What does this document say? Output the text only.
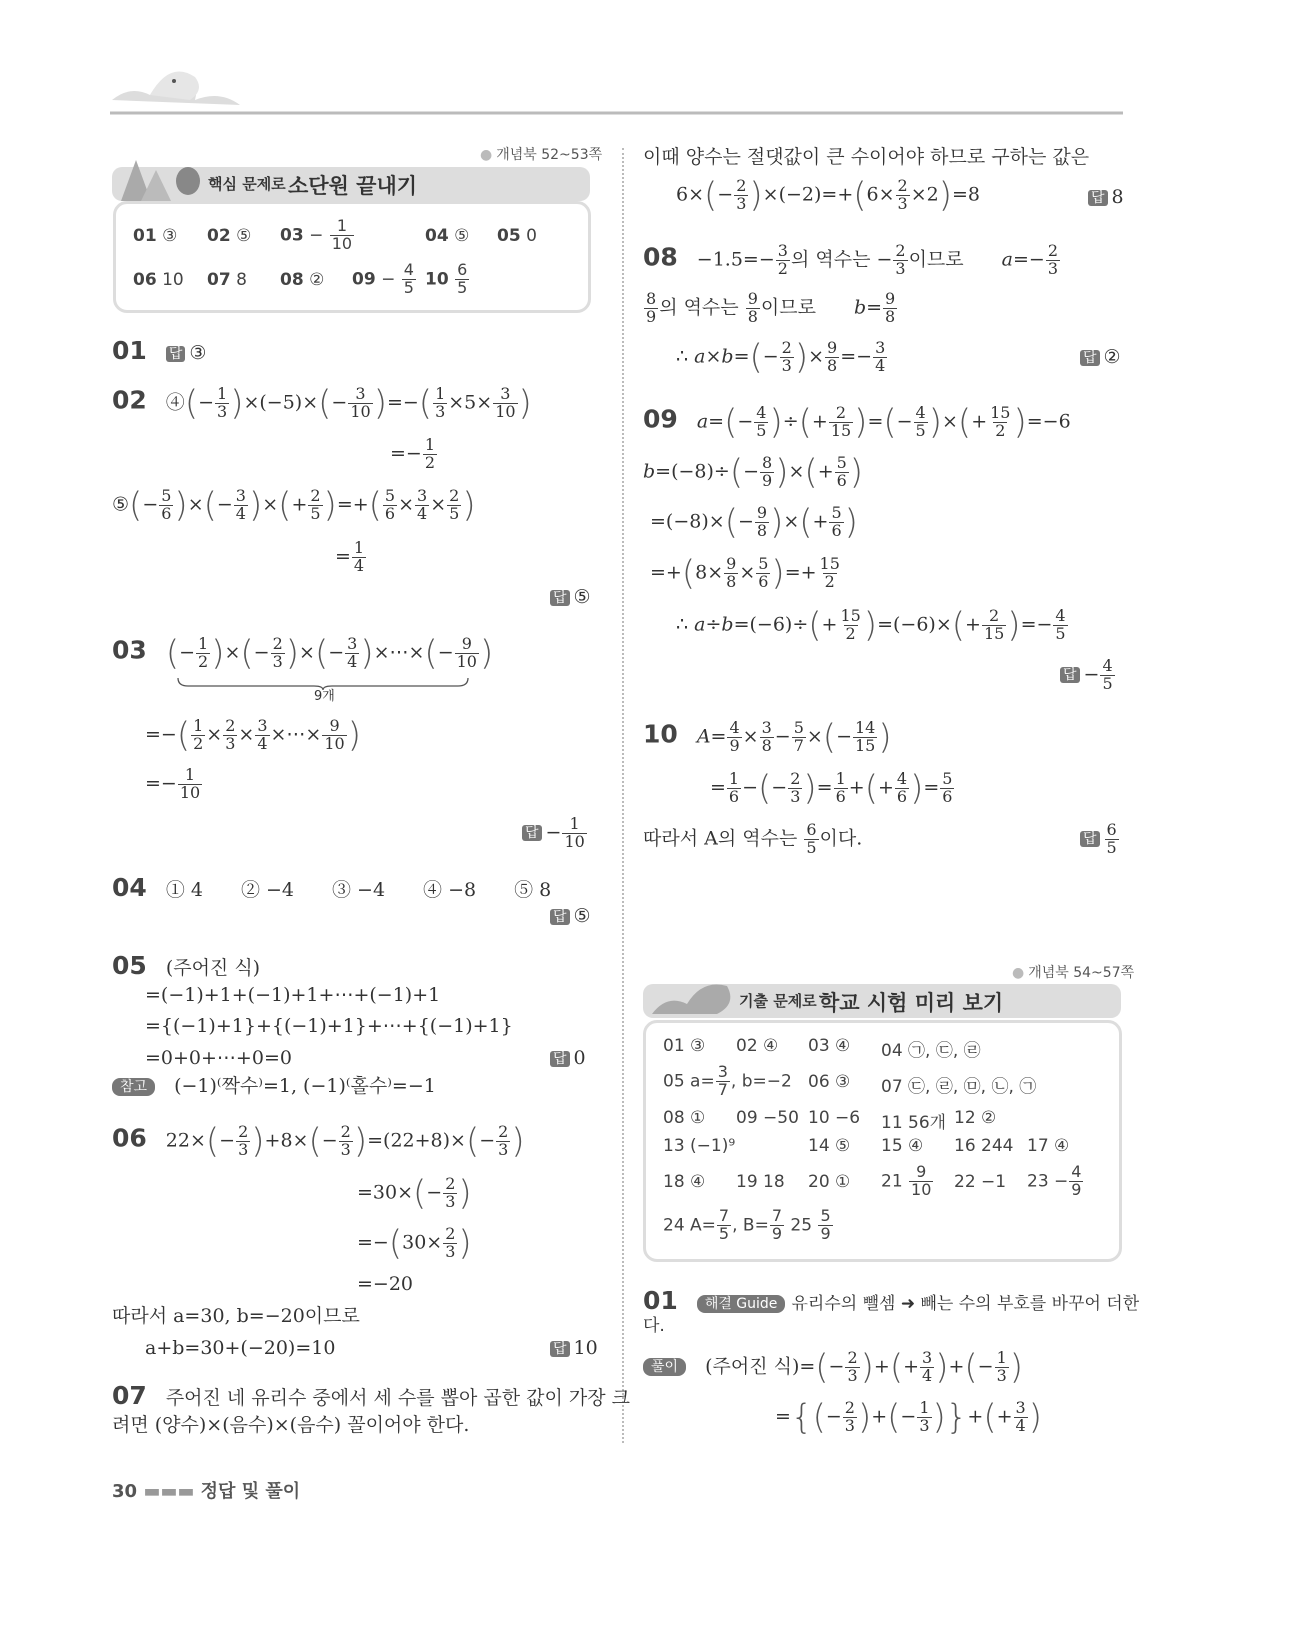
● 개념북 52~53쪽
핵심 문제로 소단원 끝내기
01 ③ 02 ⑤ $03 - \frac{1}{10}$	04 ⑤ 05 0
06 10 07 8 08 ② $09 - \frac{4}{5} 10 \frac{6}{5}$
01　 답 ③
02　④(− $\frac{1}{3} )\times(-5)\times(- \frac{3}{10}$ )=−( $\frac{1}{3} \times 5\times \frac{3}{10}$ )
=− $\frac{1}{2}$
⑤(− $\frac{5}{6}$ )×(− $\frac{3}{4}$ )×(+ $\frac{2}{5}$ )=+( $\frac{5}{6} \times \frac{3}{4} \times \frac{2}{5}$ )
= $\frac{1}{4}$
답 ⑤
03　 (− $\frac{1}{2}$ )×(− $\frac{2}{3}$ )×(− $\frac{3}{4}$ )×⋯×(− $\frac{9}{10}$ )
9개
=−( $\frac{1}{2} \times \frac{2}{3} \times \frac{3}{4}$ ×⋯× $\frac{9}{10}$ )
=− $\frac{1}{10}$
답 − $\frac{1}{10}$
04　 ① 4　　② −4　　③ −4　　④ −8　　⑤ 8
답 ⑤
05　 (주어진 식)
=(−1)+1+(−1)+1+⋯+(−1)+1
={(−1)+1}+{(−1)+1}+⋯+{(−1)+1}
=0+0+⋯+0=0	답 0
참고　 (−1)⁽짝수⁾=1, (−1)⁽홀수⁾=−1
06　$22\times(- \frac{2}{3} )+8\times(- \frac{2}{3} )=(22+8)\times(- \frac{2}{3}$ )
$=30\times(- \frac{2}{3}$ )
$=-(30\times \frac{2}{3}$ )
=−20
따라서 a=30, b=−20이므로
a+b=30+(−20)=10	답 10
07　 주어진 네 유리수 중에서 세 수를 뽑아 곱한 값이 가장 크
려면 (양수)×(음수)×(음수) 꼴이어야 한다.
30 ▬▬▬ 정답 및 풀이
이때 양수는 절댓값이 큰 수이어야 하므로 구하는 값은
$6\times(- \frac{2}{3} )\times(-2)=+(6\times \frac{2}{3} \times 2)=8$	답 8
08　$-1.5=- \frac{3}{2}$ 의 역수는 − $\frac{2}{3}$ 이므로　　$a=- \frac{2}{3}$
$\frac{8}{9}$ 의 역수는 $\frac{9}{8}$ 이므로　　$b= \frac{9}{8}$
∴ $a\times b=(- \frac{2}{3}$ )× $\frac{9}{8} =- \frac{3}{4}$	답 ②
09　 $a=(- \frac{4}{5}$ )÷(+ $\frac{2}{15}$ )=(− $\frac{4}{5}$ )×(+ $\frac{15}{2} )=-6$
$b=(-8)\div(- \frac{8}{9}$ )×(+ $\frac{5}{6}$ )
$=(-8)\times(- \frac{9}{8}$ )×(+ $\frac{5}{6}$ )
$=+(8\times \frac{9}{8} \times \frac{5}{6}$ )=+ $\frac{15}{2}$
∴ $a\div b=(-6)\div(+ \frac{15}{2} )=(-6)\times(+ \frac{2}{15}$ )=− $\frac{4}{5}$
답 − $\frac{4}{5}$
10　 $A= \frac{4}{9} \times \frac{3}{8} - \frac{5}{7}$ ×(− $\frac{14}{15}$ )
= $\frac{1}{6}$ −(− $\frac{2}{3}$ )= $\frac{1}{6}$ +(+ $\frac{4}{6}$ )= $\frac{5}{6}$
따라서 A의 역수는 $\frac{6}{5}$ 이다.	답 $\frac{6}{5}$
● 개념북 54~57쪽
기출 문제로 학교 시험 미리 보기
01 ③ 02 ④ 03 ④ 04 ㉠, ㉢, ㉣
05 $a= \frac{3}{7}$ , b=−2 06 ③ 07 ㉢, ㉣, ㉤, ㉡, ㉠
08 ① 09 −50 10 −6 11 56개 12 ②
13 (−1)⁹	14 ⑤ 15 ④ 16 244 17 ④
18 ④ 19 18 20 ① $21 \frac{9}{10} 22 -1$ $23 - \frac{4}{9}$
24 $A= \frac{7}{5}$ , $B= \frac{7}{9} 25 \frac{5}{9}$
01　 해결 Guide 유리수의 뺄셈 ➜ 빼는 수의 부호를 바꾸어 더한
다.
풀이　 (주어진 식)=(− $\frac{2}{3}$ )+(+ $\frac{3}{4}$ )+(− $\frac{1}{3}$ )
={(− $\frac{2}{3}$ )+(− $\frac{1}{3}$ )}+(+ $\frac{3}{4}$ )
